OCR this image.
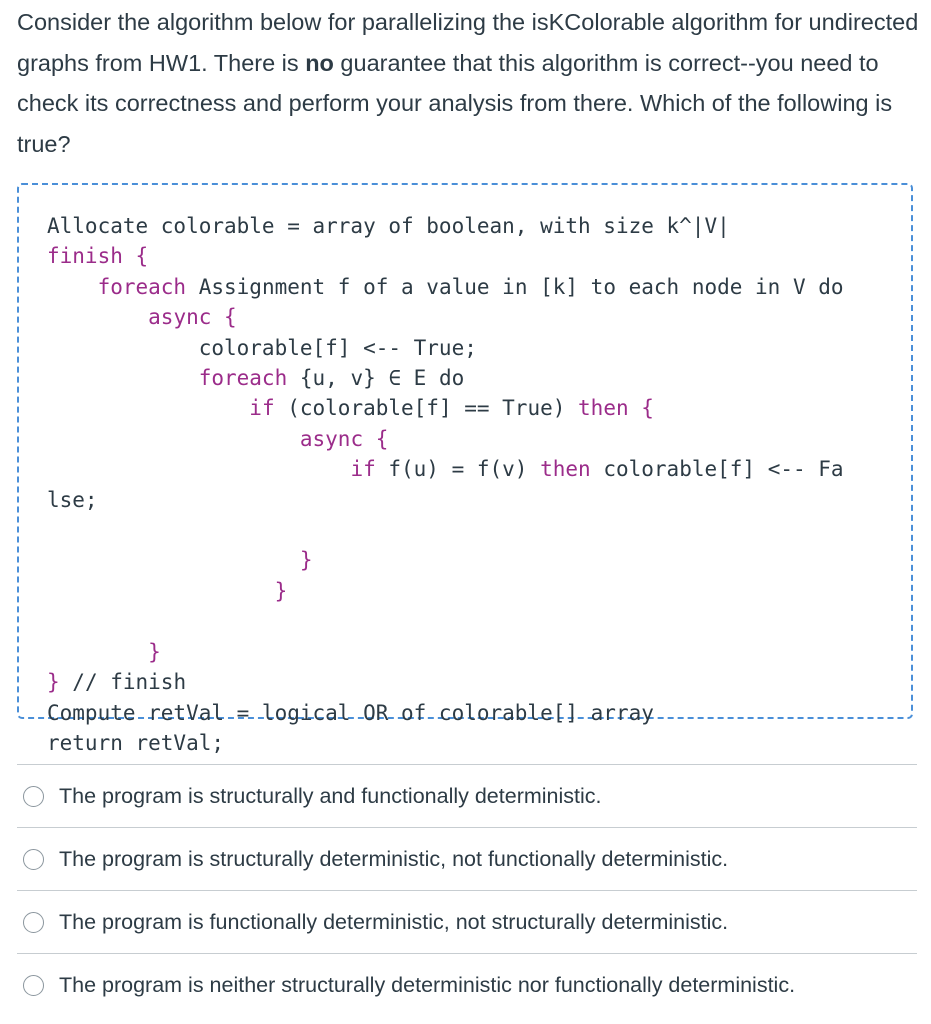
Consider the algorithm below for parallelizing the isKColorable algorithm for undirected graphs from HW1. There is no guarantee that this algorithm is correct--you need to check its correctness and perform your analysis from there. Which of the following is true?
Allocate colorable = array of boolean, with size k^|V|
finish {
foreach Assignment f of a value in [k] to each node in V do
async {
colorable[f] <-- True;
foreach {u, v} ∈ E do
if (colorable[f] == True) then {
async {
if f(u) = f(v) then colorable[f] <-- Fa
lse;

}
}

}
} // finish
Compute retVal = logical OR of colorable[] array
return retVal;
The program is structurally and functionally deterministic.
The program is structurally deterministic, not functionally deterministic.
The program is functionally deterministic, not structurally deterministic.
The program is neither structurally deterministic nor functionally deterministic.
